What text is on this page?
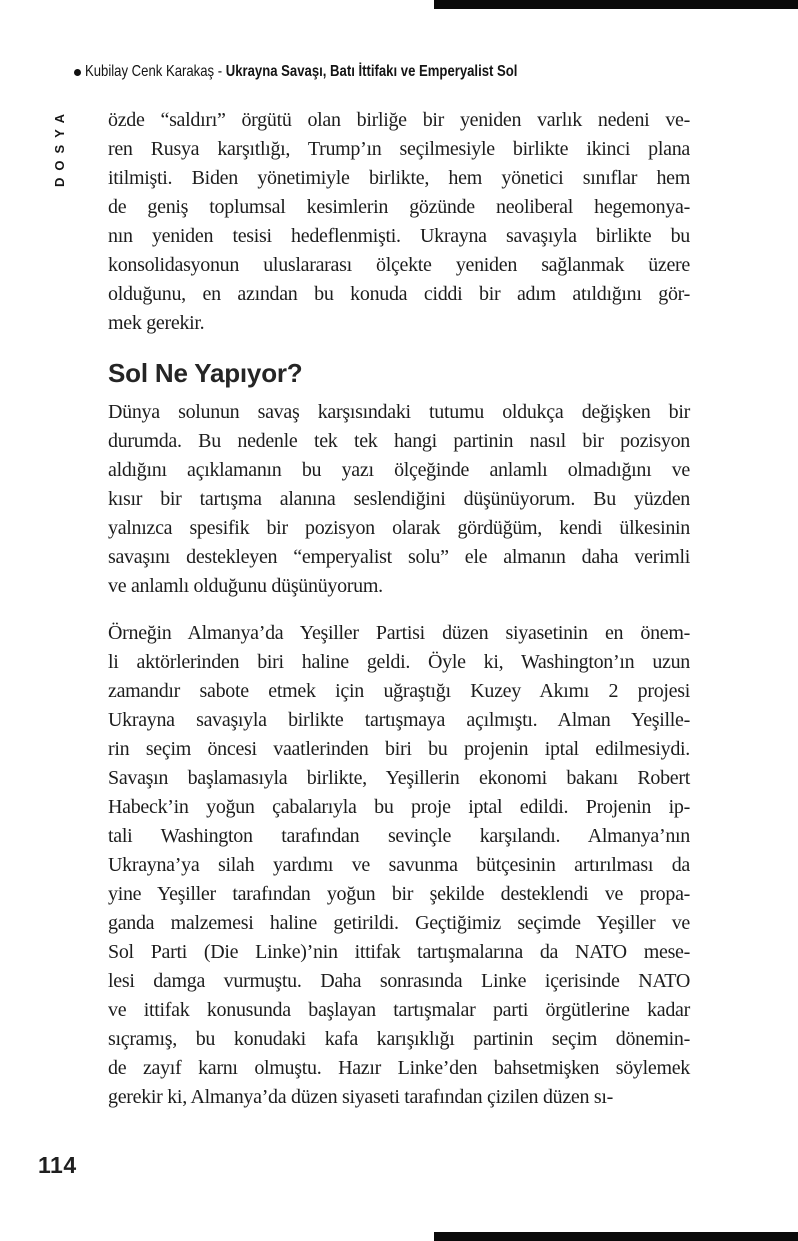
DOSYA
Kubilay Cenk Karakaş - Ukrayna Savaşı, Batı İttifakı ve Emperyalist Sol
özde “saldırı” örgütü olan birliğe bir yeniden varlık nedeni ve-
ren Rusya karşıtlığı, Trump’ın seçilmesiyle birlikte ikinci plana
itilmişti. Biden yönetimiyle birlikte, hem yönetici sınıflar hem
de geniş toplumsal kesimlerin gözünde neoliberal hegemonya-
nın yeniden tesisi hedeflenmişti. Ukrayna savaşıyla birlikte bu
konsolidasyonun uluslararası ölçekte yeniden sağlanmak üzere
olduğunu, en azından bu konuda ciddi bir adım atıldığını gör-
mek gerekir.
Sol Ne Yapıyor?
Dünya solunun savaş karşısındaki tutumu oldukça değişken bir
durumda. Bu nedenle tek tek hangi partinin nasıl bir pozisyon
aldığını açıklamanın bu yazı ölçeğinde anlamlı olmadığını ve
kısır bir tartışma alanına seslendiğini düşünüyorum. Bu yüzden
yalnızca spesifik bir pozisyon olarak gördüğüm, kendi ülkesinin
savaşını destekleyen “emperyalist solu” ele almanın daha verimli
ve anlamlı olduğunu düşünüyorum.
Örneğin Almanya’da Yeşiller Partisi düzen siyasetinin en önem-
li aktörlerinden biri haline geldi. Öyle ki, Washington’ın uzun
zamandır sabote etmek için uğraştığı Kuzey Akımı 2 projesi
Ukrayna savaşıyla birlikte tartışmaya açılmıştı. Alman Yeşille-
rin seçim öncesi vaatlerinden biri bu projenin iptal edilmesiydi.
Savaşın başlamasıyla birlikte, Yeşillerin ekonomi bakanı Robert
Habeck’in yoğun çabalarıyla bu proje iptal edildi. Projenin ip-
tali Washington tarafından sevinçle karşılandı. Almanya’nın
Ukrayna’ya silah yardımı ve savunma bütçesinin artırılması da
yine Yeşiller tarafından yoğun bir şekilde desteklendi ve propa-
ganda malzemesi haline getirildi. Geçtiğimiz seçimde Yeşiller ve
Sol Parti (Die Linke)’nin ittifak tartışmalarına da NATO mese-
lesi damga vurmuştu. Daha sonrasında Linke içerisinde NATO
ve ittifak konusunda başlayan tartışmalar parti örgütlerine kadar
sıçramış, bu konudaki kafa karışıklığı partinin seçim dönemin-
de zayıf karnı olmuştu. Hazır Linke’den bahsetmişken söylemek
gerekir ki, Almanya’da düzen siyaseti tarafından çizilen düzen sı-
114
